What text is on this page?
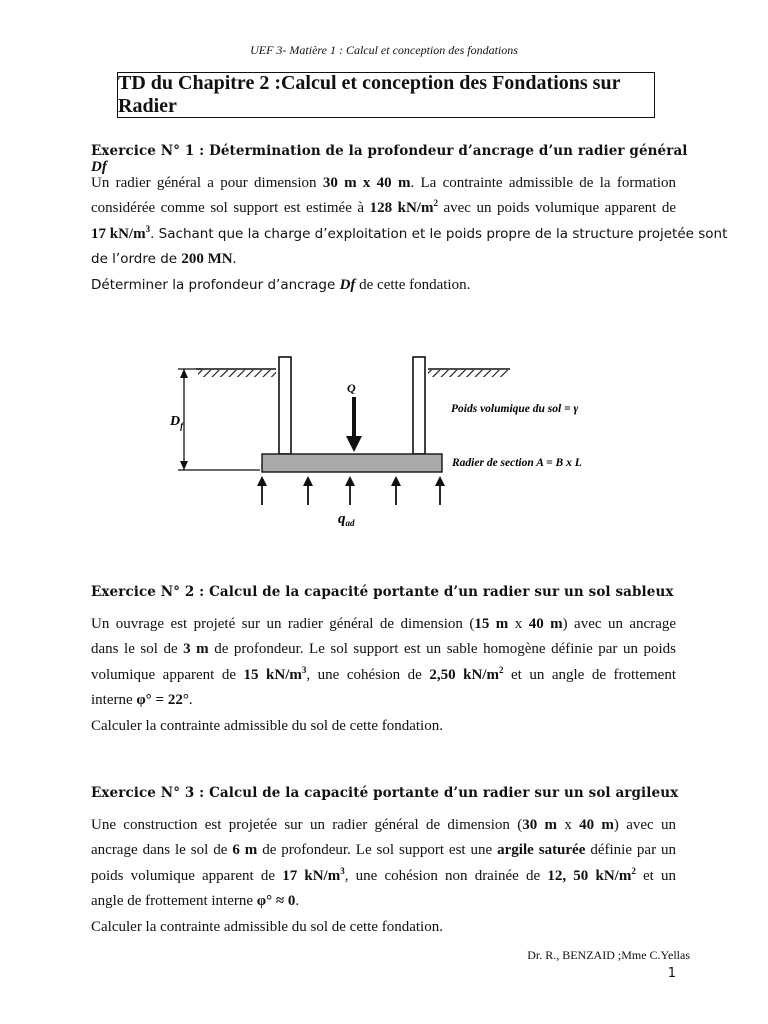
UEF 3- Matière 1 : Calcul et conception des fondations
TD du Chapitre 2 :Calcul et conception des Fondations sur Radier
Exercice N° 1 : Détermination de la profondeur d’ancrage d’un radier général Df
Un radier général a pour dimension 30 m x 40 m. La contrainte admissible de la formation
considérée comme sol support est estimée à 128 $kN/m^2$ avec un poids volumique apparent de
17 $kN/m^3$. Sachant que la charge d’exploitation et le poids propre de la structure projetée sont
de l’ordre de 200 MN.
Déterminer la profondeur d’ancrage Df de cette fondation.
$D_f$
Q
Poids volumique du sol = γ
Radier de section A = B x L
$q_{ad}$
Exercice N° 2 : Calcul de la capacité portante d’un radier sur un sol sableux
Un ouvrage est projeté sur un radier général de dimension (15 m x 40 m) avec un ancrage
dans le sol de 3 m de profondeur. Le sol support est un sable homogène définie par un poids
volumique apparent de 15 $kN/m^3$, une cohésion de 2,50 $kN/m^2$ et un angle de frottement
interne φ° = 22°.
Calculer la contrainte admissible du sol de cette fondation.
Exercice N° 3 : Calcul de la capacité portante d’un radier sur un sol argileux
Une construction est projetée sur un radier général de dimension (30 m x 40 m) avec un
ancrage dans le sol de 6 m de profondeur. Le sol support est une argile saturée définie par un
poids volumique apparent de 17 $kN/m^3$, une cohésion non drainée de 12, 50 $kN/m^2$ et un
angle de frottement interne φ° ≈ 0.
Calculer la contrainte admissible du sol de cette fondation.
Dr. R., BENZAID ;Mme C.Yellas
1
